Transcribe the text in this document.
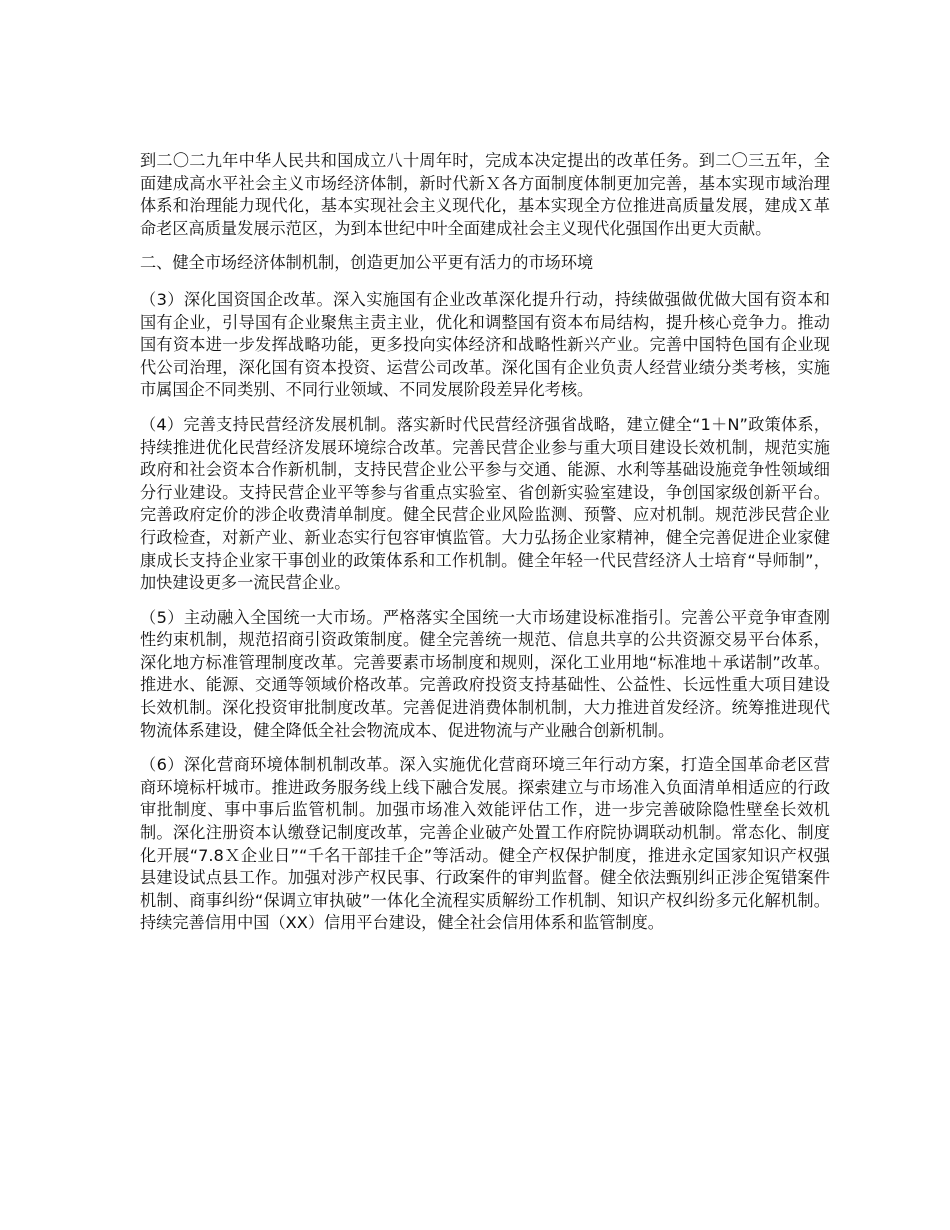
到二〇二九年中华人民共和国成立八十周年时，完成本决定提出的改革任务。到二〇三五年，全面建成高水平社会主义市场经济体制，新时代新Ｘ各方面制度体制更加完善，基本实现市域治理体系和治理能力现代化，基本实现社会主义现代化，基本实现全方位推进高质量发展，建成Ｘ革命老区高质量发展示范区，为到本世纪中叶全面建成社会主义现代化强国作出更大贡献。

二、健全市场经济体制机制，创造更加公平更有活力的市场环境

（3）深化国资国企改革。深入实施国有企业改革深化提升行动，持续做强做优做大国有资本和国有企业，引导国有企业聚焦主责主业，优化和调整国有资本布局结构，提升核心竞争力。推动国有资本进一步发挥战略功能，更多投向实体经济和战略性新兴产业。完善中国特色国有企业现代公司治理，深化国有资本投资、运营公司改革。深化国有企业负责人经营业绩分类考核，实施市属国企不同类别、不同行业领域、不同发展阶段差异化考核。

（4）完善支持民营经济发展机制。落实新时代民营经济强省战略，建立健全“1＋N”政策体系，持续推进优化民营经济发展环境综合改革。完善民营企业参与重大项目建设长效机制，规范实施政府和社会资本合作新机制，支持民营企业公平参与交通、能源、水利等基础设施竞争性领域细分行业建设。支持民营企业平等参与省重点实验室、省创新实验室建设，争创国家级创新平台。完善政府定价的涉企收费清单制度。健全民营企业风险监测、预警、应对机制。规范涉民营企业行政检查，对新产业、新业态实行包容审慎监管。大力弘扬企业家精神，健全完善促进企业家健康成长支持企业家干事创业的政策体系和工作机制。健全年轻一代民营经济人士培育“导师制”，加快建设更多一流民营企业。

（5）主动融入全国统一大市场。严格落实全国统一大市场建设标准指引。完善公平竞争审查刚性约束机制，规范招商引资政策制度。健全完善统一规范、信息共享的公共资源交易平台体系，深化地方标准管理制度改革。完善要素市场制度和规则，深化工业用地“标准地＋承诺制”改革。推进水、能源、交通等领域价格改革。完善政府投资支持基础性、公益性、长远性重大项目建设长效机制。深化投资审批制度改革。完善促进消费体制机制，大力推进首发经济。统筹推进现代物流体系建设，健全降低全社会物流成本、促进物流与产业融合创新机制。

（6）深化营商环境体制机制改革。深入实施优化营商环境三年行动方案，打造全国革命老区营商环境标杆城市。推进政务服务线上线下融合发展。探索建立与市场准入负面清单相适应的行政审批制度、事中事后监管机制。加强市场准入效能评估工作，进一步完善破除隐性壁垒长效机制。深化注册资本认缴登记制度改革，完善企业破产处置工作府院协调联动机制。常态化、制度化开展“7.8Ｘ企业日”“千名干部挂千企”等活动。健全产权保护制度，推进永定国家知识产权强县建设试点县工作。加强对涉产权民事、行政案件的审判监督。健全依法甄别纠正涉企冤错案件机制、商事纠纷“保调立审执破”一体化全流程实质解纷工作机制、知识产权纠纷多元化解机制。持续完善信用中国（XX）信用平台建设，健全社会信用体系和监管制度。
